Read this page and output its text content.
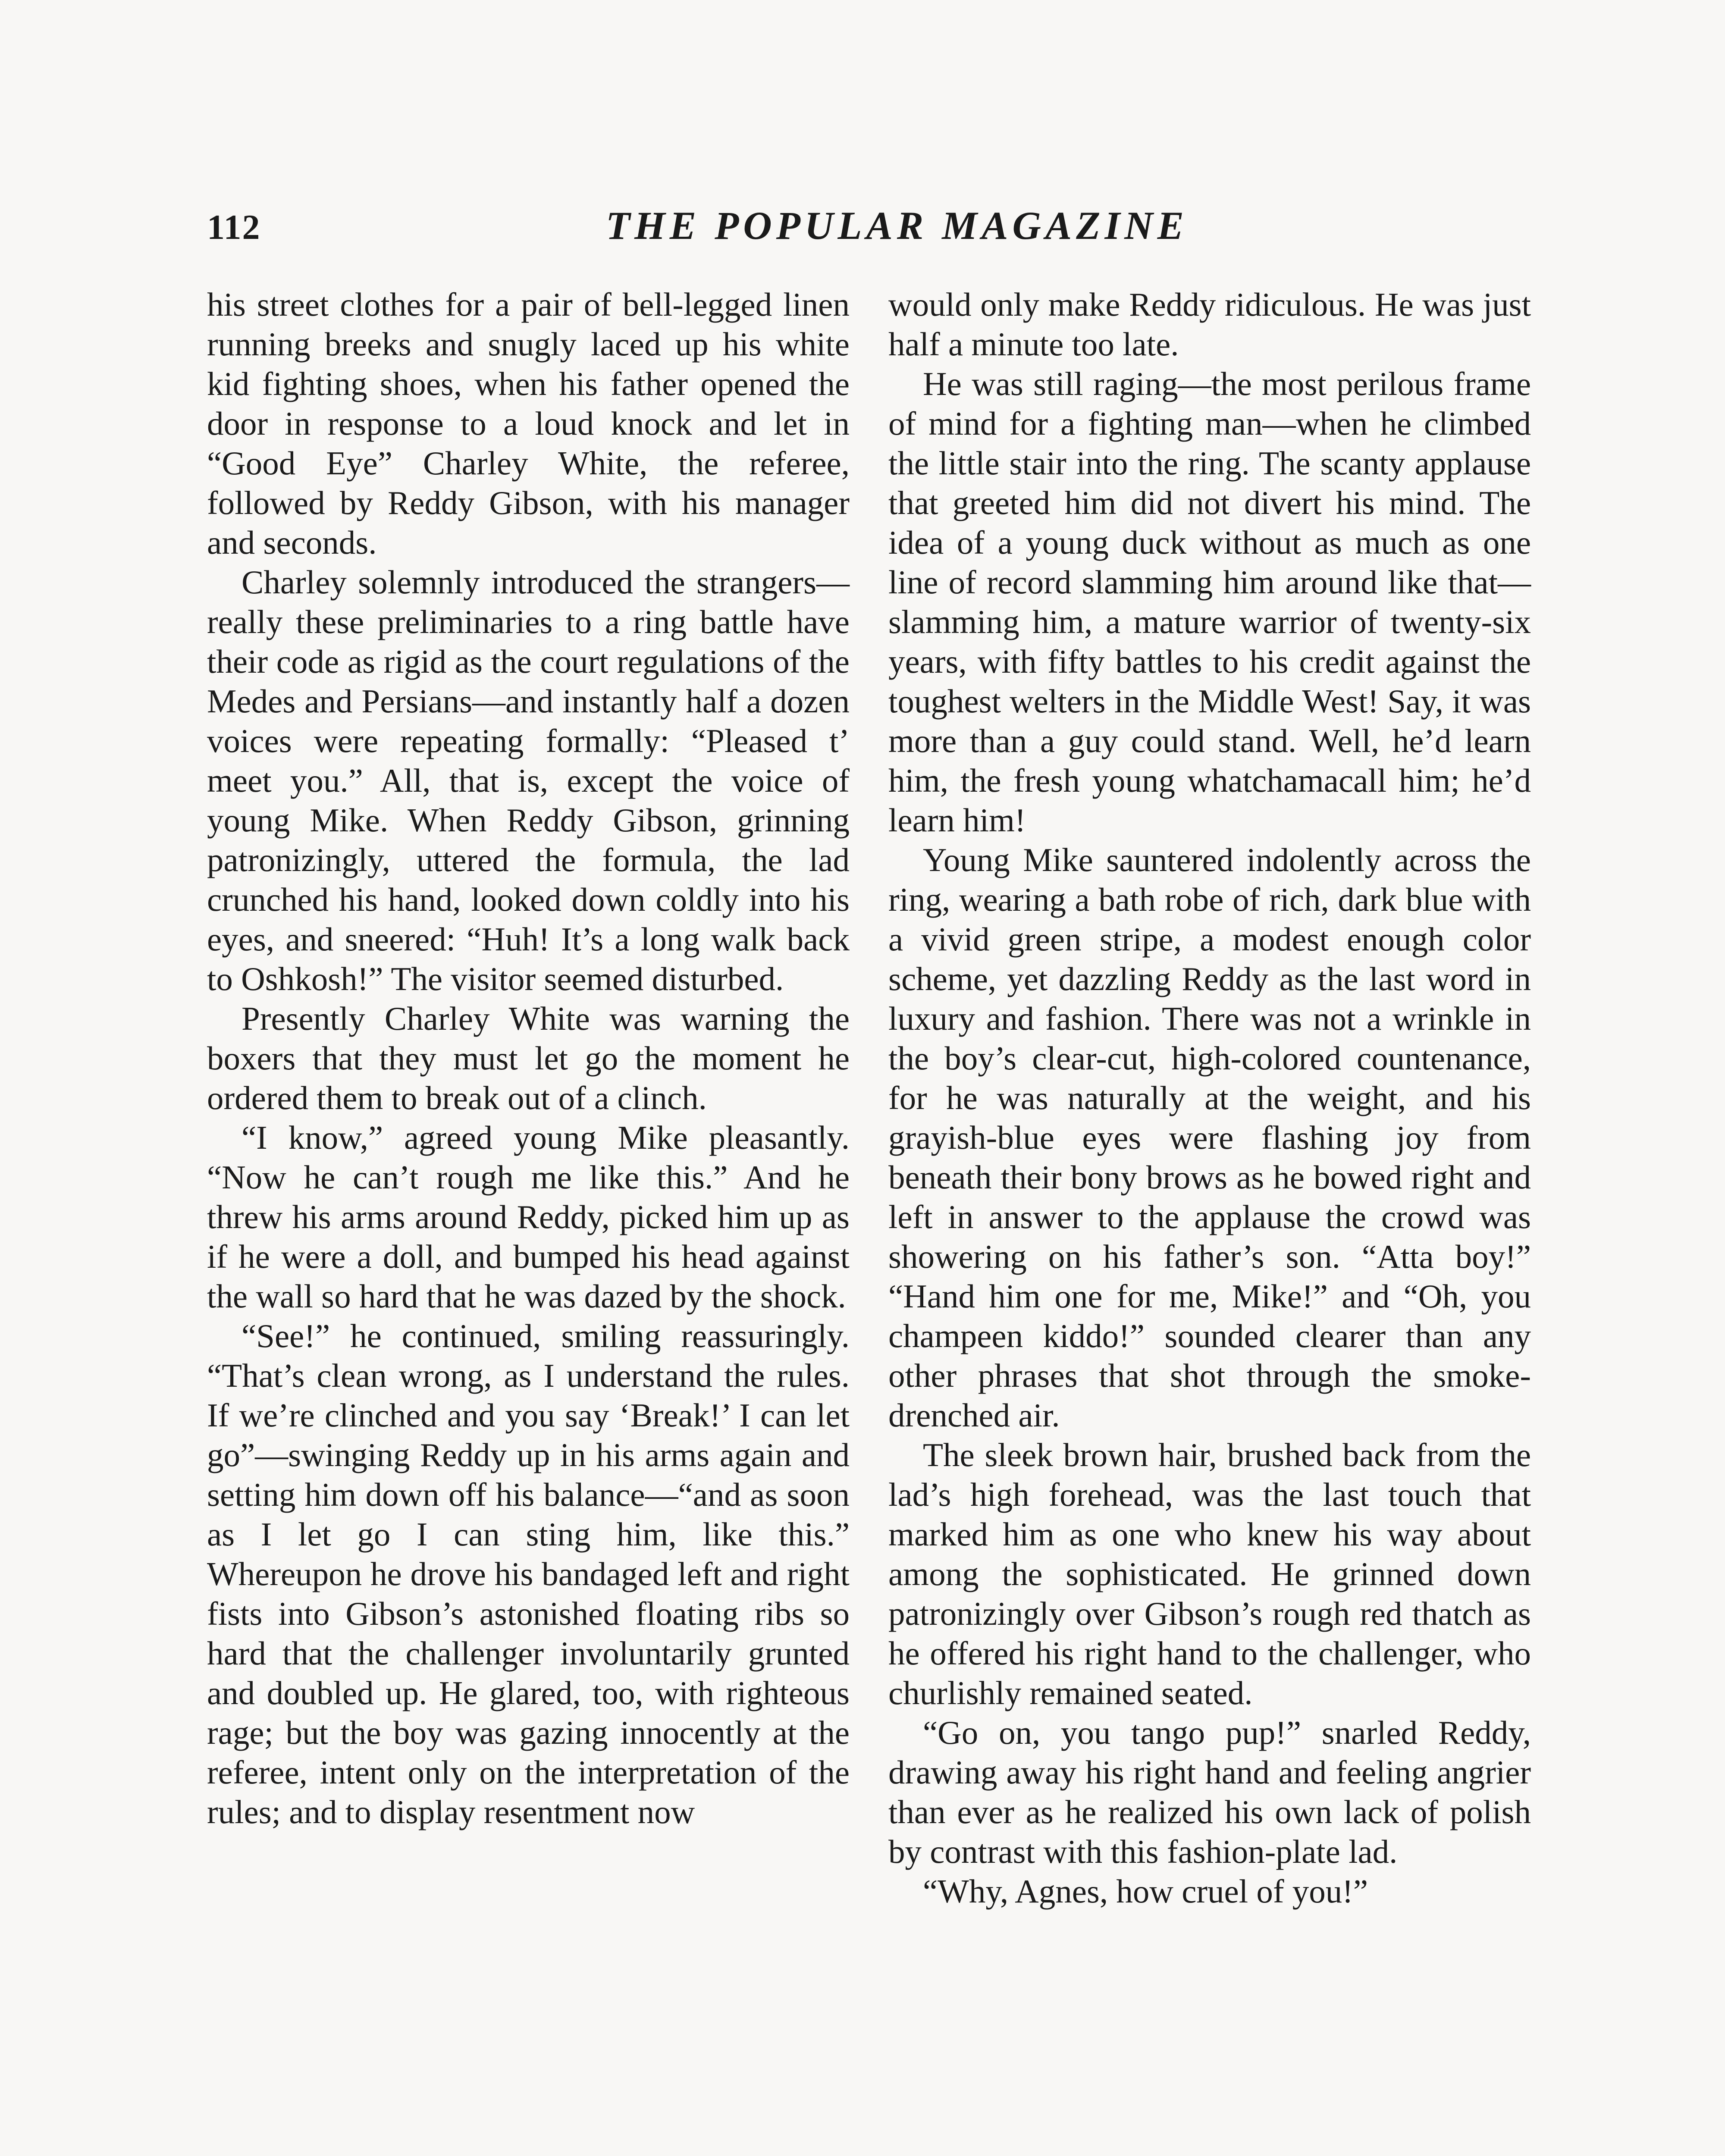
112	THE POPULAR MAGAZINE

his street clothes for a pair of bell-legged linen running breeks and snugly laced up his white kid fighting shoes, when his father opened the door in response to a loud knock and let in “Good Eye” Charley White, the referee, followed by Reddy Gibson, with his manager and seconds.

Charley solemnly introduced the strangers—really these preliminaries to a ring battle have their code as rigid as the court regulations of the Medes and Persians—and instantly half a dozen voices were repeating formally: “Pleased t’ meet you.” All, that is, except the voice of young Mike. When Reddy Gibson, grinning patronizingly, uttered the formula, the lad crunched his hand, looked down coldly into his eyes, and sneered: “Huh! It’s a long walk back to Oshkosh!” The visitor seemed disturbed.

Presently Charley White was warning the boxers that they must let go the moment he ordered them to break out of a clinch.

“I know,” agreed young Mike pleasantly. “Now he can’t rough me like this.” And he threw his arms around Reddy, picked him up as if he were a doll, and bumped his head against the wall so hard that he was dazed by the shock.

“See!” he continued, smiling reassuringly. “That’s clean wrong, as I understand the rules. If we’re clinched and you say ‘Break!’ I can let go”—swinging Reddy up in his arms again and setting him down off his balance—“and as soon as I let go I can sting him, like this.” Whereupon he drove his bandaged left and right fists into Gibson’s astonished floating ribs so hard that the challenger involuntarily grunted and doubled up. He glared, too, with righteous rage; but the boy was gazing innocently at the referee, intent only on the interpretation of the rules; and to display resentment now

would only make Reddy ridiculous. He was just half a minute too late.

He was still raging—the most perilous frame of mind for a fighting man—when he climbed the little stair into the ring. The scanty applause that greeted him did not divert his mind. The idea of a young duck without as much as one line of record slamming him around like that—slamming him, a mature warrior of twenty-six years, with fifty battles to his credit against the toughest welters in the Middle West! Say, it was more than a guy could stand. Well, he’d learn him, the fresh young whatchamacall him; he’d learn him!

Young Mike sauntered indolently across the ring, wearing a bath robe of rich, dark blue with a vivid green stripe, a modest enough color scheme, yet dazzling Reddy as the last word in luxury and fashion. There was not a wrinkle in the boy’s clear-cut, high-colored countenance, for he was naturally at the weight, and his grayish-blue eyes were flashing joy from beneath their bony brows as he bowed right and left in answer to the applause the crowd was showering on his father’s son. “Atta boy!” “Hand him one for me, Mike!” and “Oh, you champeen kiddo!” sounded clearer than any other phrases that shot through the smoke-drenched air.

The sleek brown hair, brushed back from the lad’s high forehead, was the last touch that marked him as one who knew his way about among the sophisticated. He grinned down patronizingly over Gibson’s rough red thatch as he offered his right hand to the challenger, who churlishly remained seated.

“Go on, you tango pup!” snarled Reddy, drawing away his right hand and feeling angrier than ever as he realized his own lack of polish by contrast with this fashion-plate lad.

“Why, Agnes, how cruel of you!”
